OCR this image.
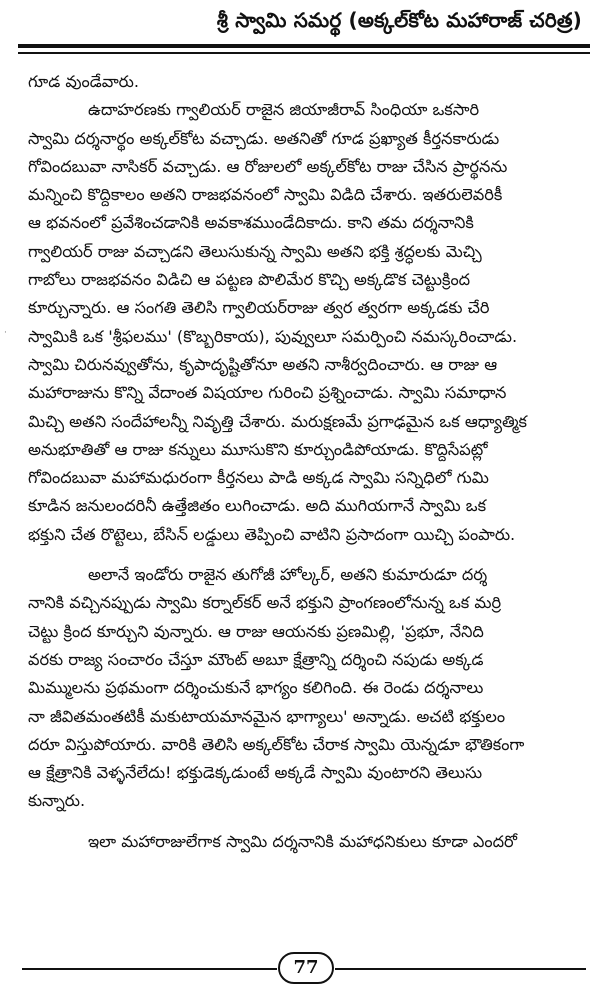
శ్రీ స్వామి సమర్థ (అక్కల్‌కోట మహారాజ్ చరిత్ర)
·
గూడ వుండేవారు.
ఉదాహరణకు గ్వాలియర్ రాజైన జియాజీరావ్ సింధియా ఒకసారి
స్వామి దర్శనార్థం అక్కల్‌కోట వచ్చాడు. అతనితో గూడ ప్రఖ్యాత కీర్తనకారుడు
గోవిందబువా నాసికర్ వచ్చాడు. ఆ రోజులలో అక్కల్‌కోట రాజు చేసిన ప్రార్థనను
మన్నించి కొద్దికాలం అతని రాజభవనంలో స్వామి విడిది చేశారు. ఇతరులెవరికీ
ఆ భవనంలో ప్రవేశించడానికి అవకాశముండేదికాదు. కాని తమ దర్శనానికి
గ్వాలియర్ రాజు వచ్చాడని తెలుసుకున్న స్వామి అతని భక్తి శ్రద్ధలకు మెచ్చి
గాబోలు రాజభవనం విడిచి ఆ పట్టణ పొలిమేర కొచ్చి అక్కడొక చెట్టుక్రింద
కూర్చున్నారు. ఆ సంగతి తెలిసి గ్వాలియర్‌రాజు త్వర త్వరగా అక్కడకు చేరి
స్వామికి ఒక 'శ్రీఫలము' (కొబ్బరికాయ), పువ్వులూ సమర్పించి నమస్కరించాడు.
స్వామి చిరునవ్వుతోను, కృపాదృష్టితోనూ అతని నాశీర్వదించారు. ఆ రాజు ఆ
మహారాజును కొన్ని వేదాంత విషయాల గురించి ప్రశ్నించాడు. స్వామి సమాధాన
మిచ్చి అతని సందేహాలన్నీ నివృత్తి చేశారు. మరుక్షణమే ప్రగాఢమైన ఒక ఆధ్యాత్మిక
అనుభూతితో ఆ రాజు కన్నులు మూసుకొని కూర్చుండిపోయాడు. కొద్దిసేపట్లో
గోవిందబువా మహామధురంగా కీర్తనలు పాడి అక్కడ స్వామి సన్నిధిలో గుమి
కూడిన జనులందరినీ ఉత్తేజితం లుగించాడు. అది ముగియగానే స్వామి ఒక
భక్తుని చేత రొట్టెలు, బేసిన్ లడ్డులు తెప్పించి వాటిని ప్రసాదంగా యిచ్చి పంపారు.
అలానే ఇండోరు రాజైన తుగోజీ హోల్కర్, అతని కుమారుడూ దర్శ
నానికి వచ్చినప్పుడు స్వామి కర్నాల్‌కర్ అనే భక్తుని ప్రాంగణంలోనున్న ఒక మర్రి
చెట్టు క్రింద కూర్చుని వున్నారు. ఆ రాజు ఆయనకు ప్రణమిల్లి, 'ప్రభూ, నేనిది
వరకు రాజ్య సంచారం చేస్తూ మౌంట్ అబూ క్షేత్రాన్ని దర్శించి నపుడు అక్కడ
మిమ్ములను ప్రథమంగా దర్శించుకునే భాగ్యం కలిగింది. ఈ రెండు దర్శనాలు
నా జీవితమంతటికీ మకుటాయమానమైన భాగ్యాలు' అన్నాడు. అచటి భక్తులం
దరూ విస్తుపోయారు. వారికి తెలిసి అక్కల్‌కోట చేరాక స్వామి యెన్నడూ భౌతికంగా
ఆ క్షేత్రానికి వెళ్ళనేలేదు! భక్తుడెక్కడుంటే అక్కడే స్వామి వుంటారని తెలుసు
కున్నారు.
ఇలా మహారాజులేగాక స్వామి దర్శనానికి మహాధనికులు కూడా ఎందరో
77
